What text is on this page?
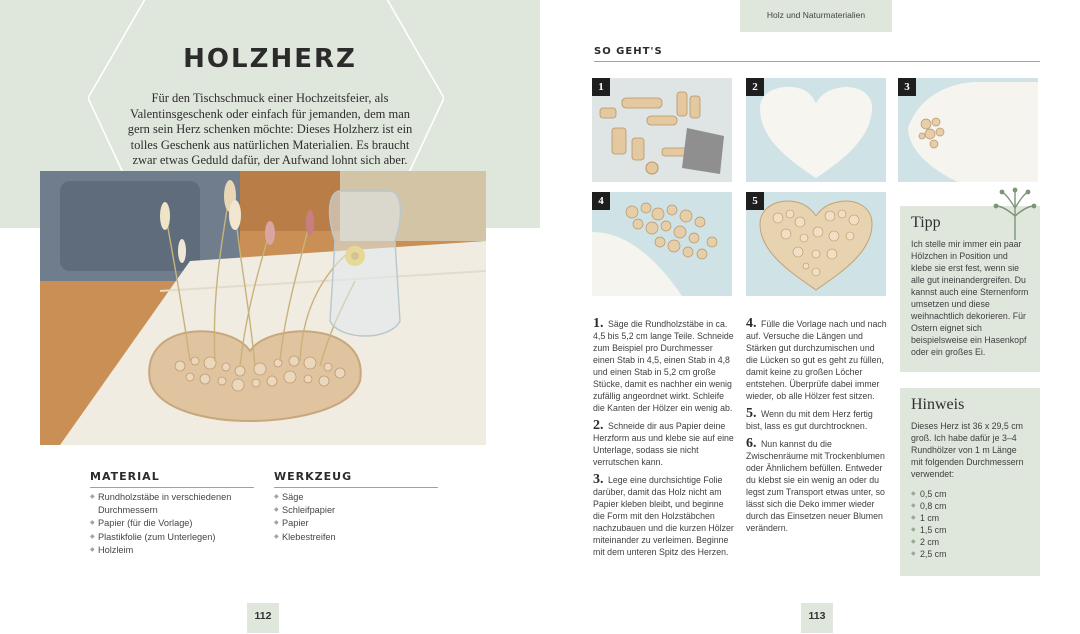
HOLZHERZ
Für den Tischschmuck einer Hochzeitsfeier, als Valentinsgeschenk oder einfach für jemanden, dem man gern sein Herz schenken möchte: Dieses Holzherz ist ein tolles Geschenk aus natürlichen Materialien. Es braucht zwar etwas Geduld dafür, der Aufwand lohnt sich aber.
MATERIAL
◆ Rundholzstäbe in verschiedenen Durchmessern
◆ Papier (für die Vorlage)
◆ Plastikfolie (zum Unterlegen)
◆ Holzleim
WERKZEUG
◆ Säge
◆ Schleifpapier
◆ Papier
◆ Klebestreifen
112
Holz und Naturmaterialien
SO GEHT'S
1	2	3
4	5

1. Säge die Rundholzstäbe in ca. 4,5 bis 5,2 cm lange Teile. Schneide zum Beispiel pro Durchmesser einen Stab in 4,5, einen Stab in 4,8 und einen Stab in 5,2 cm große Stücke, damit es nachher ein wenig zufällig angeordnet wirkt. Schleife die Kanten der Hölzer ein wenig ab.

2. Schneide dir aus Papier deine Herzform aus und klebe sie auf eine Unterlage, sodass sie nicht verrutschen kann.

3. Lege eine durchsichtige Folie darüber, damit das Holz nicht am Papier kleben bleibt, und beginne die Form mit den Holzstäbchen nachzubauen und die kurzen Hölzer miteinander zu verleimen. Beginne mit dem unteren Spitz des Herzen.

4. Fülle die Vorlage nach und nach auf. Versuche die Längen und Stärken gut durchzumischen und die Lücken so gut es geht zu füllen, damit keine zu großen Löcher entstehen. Überprüfe dabei immer wieder, ob alle Hölzer fest sitzen.

5. Wenn du mit dem Herz fertig bist, lass es gut durchtrocknen.

6. Nun kannst du die Zwischenräume mit Trockenblumen oder Ähnlichem befüllen. Entweder du klebst sie ein wenig an oder du legst zum Transport etwas unter, so lässt sich die Deko immer wieder durch das Einsetzen neuer Blumen verändern.

Tipp

Ich stelle mir immer ein paar Hölzchen in Position und klebe sie erst fest, wenn sie alle gut ineinandergreifen. Du kannst auch eine Sternenform umsetzen und diese weihnachtlich dekorieren. Für Ostern eignet sich beispielsweise ein Hasenkopf oder ein großes Ei.

Hinweis

Dieses Herz ist 36 x 29,5 cm groß. Ich habe dafür je 3–4 Rundhölzer von 1 m Länge mit folgenden Durchmessern verwendet:

◆ 0,5 cm
◆ 0,8 cm
◆ 1 cm
◆ 1,5 cm
◆ 2 cm
◆ 2,5 cm
113
